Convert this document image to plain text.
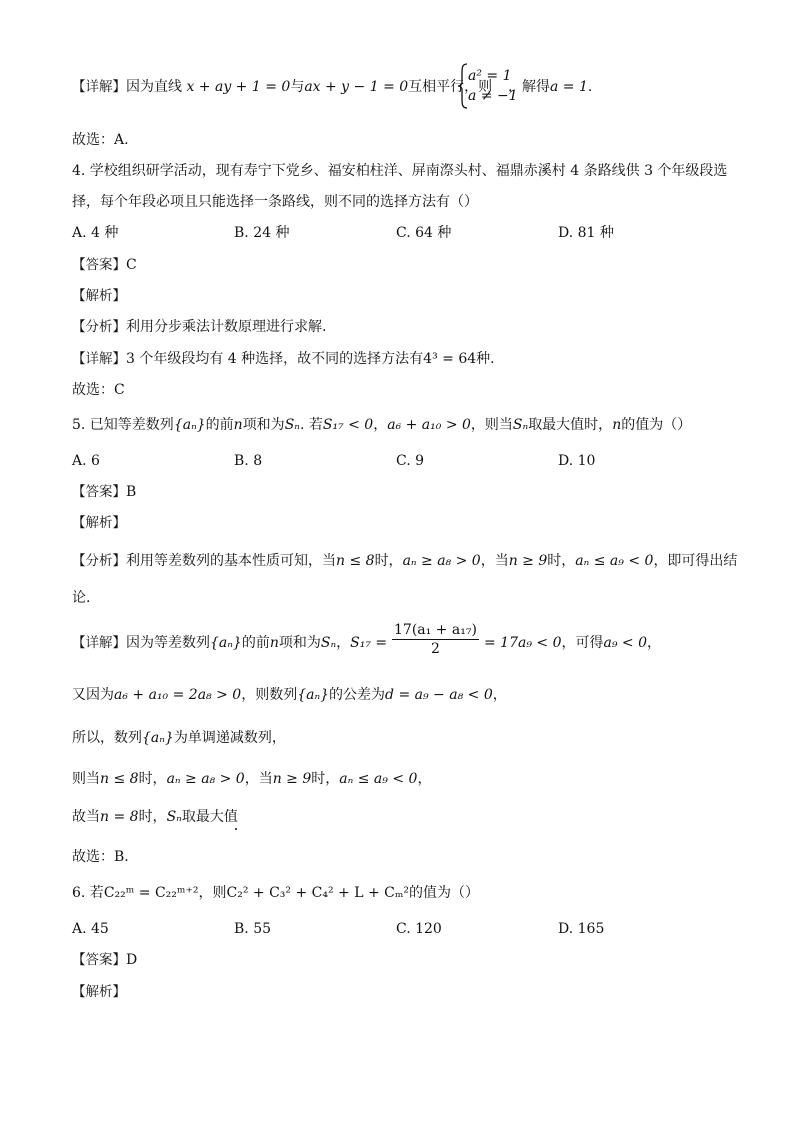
【详解】因为直线 x + ay + 1 = 0与ax + y − 1 = 0互相平行，则
a² = 1
a ≠ −1
，解得a = 1.
故选：A.
4. 学校组织研学活动，现有寿宁下党乡、福安柏柱洋、屏南漈头村、福鼎赤溪村 4 条路线供 3 个年级段选
择，每个年段必项且只能选择一条路线，则不同的选择方法有（）
A. 4 种	B. 24 种	C. 64 种	D. 81 种
【答案】C
【解析】
【分析】利用分步乘法计数原理进行求解.
【详解】3 个年级段均有 4 种选择，故不同的选择方法有4³ = 64种.
故选：C
5. 已知等差数列{aₙ}的前n项和为Sₙ. 若S₁₇ < 0，a₆ + a₁₀ > 0，则当Sₙ取最大值时，n的值为（）
A. 6	B. 8	C. 9	D. 10
【答案】B
【解析】
【分析】利用等差数列的基本性质可知，当n ≤ 8时，aₙ ≥ a₈ > 0，当n ≥ 9时，aₙ ≤ a₉ < 0，即可得出结
论.
【详解】因为等差数列{aₙ}的前n项和为Sₙ，$S_{17} = \frac{\text{17(a₁ + a₁₇)}}{2} = 17a_9 < 0$，可得a₉ < 0，
又因为a₆ + a₁₀ = 2a₈ > 0，则数列{aₙ}的公差为d = a₉ − a₈ < 0，
所以，数列{aₙ}为单调递减数列，
则当n ≤ 8时，aₙ ≥ a₈ > 0，当n ≥ 9时，aₙ ≤ a₉ < 0，
故当n = 8时，Sₙ取最大值
故选：B.
6. 若C₂₂ᵐ = C₂₂ᵐ⁺²，则C₂² + C₃² + C₄² + L + Cₘ²的值为（）
A. 45	B. 55	C. 120	D. 165
【答案】D
【解析】
